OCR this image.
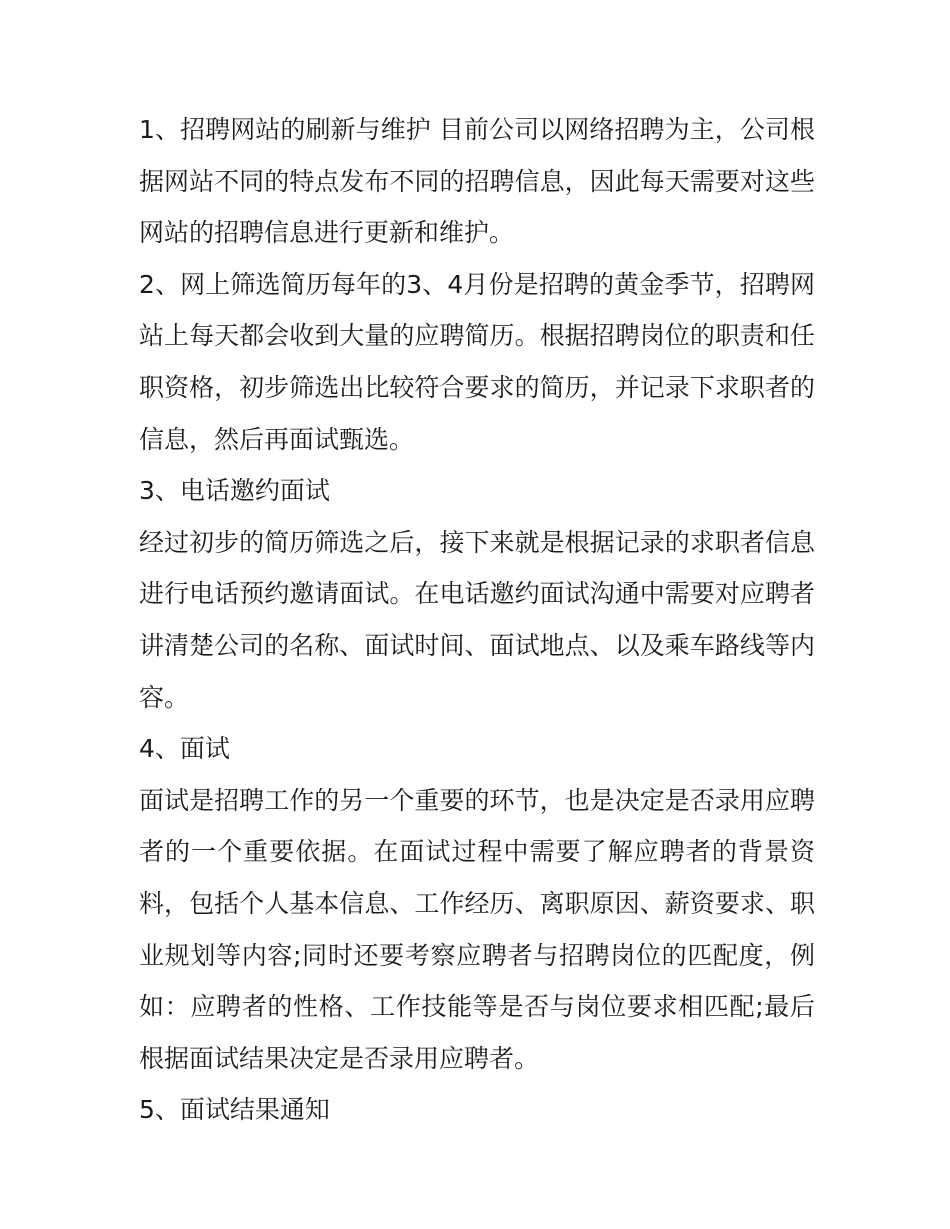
1、招聘网站的刷新与维护 目前公司以网络招聘为主，公司根据网站不同的特点发布不同的招聘信息，因此每天需要对这些网站的招聘信息进行更新和维护。

2、网上筛选简历每年的3、4月份是招聘的黄金季节，招聘网站上每天都会收到大量的应聘简历。根据招聘岗位的职责和任职资格，初步筛选出比较符合要求的简历，并记录下求职者的信息，然后再面试甄选。

3、电话邀约面试

经过初步的简历筛选之后，接下来就是根据记录的求职者信息进行电话预约邀请面试。在电话邀约面试沟通中需要对应聘者讲清楚公司的名称、面试时间、面试地点、以及乘车路线等内容。

4、面试

面试是招聘工作的另一个重要的环节，也是决定是否录用应聘者的一个重要依据。在面试过程中需要了解应聘者的背景资料，包括个人基本信息、工作经历、离职原因、薪资要求、职业规划等内容;同时还要考察应聘者与招聘岗位的匹配度，例如：应聘者的性格、工作技能等是否与岗位要求相匹配;最后根据面试结果决定是否录用应聘者。

5、面试结果通知
